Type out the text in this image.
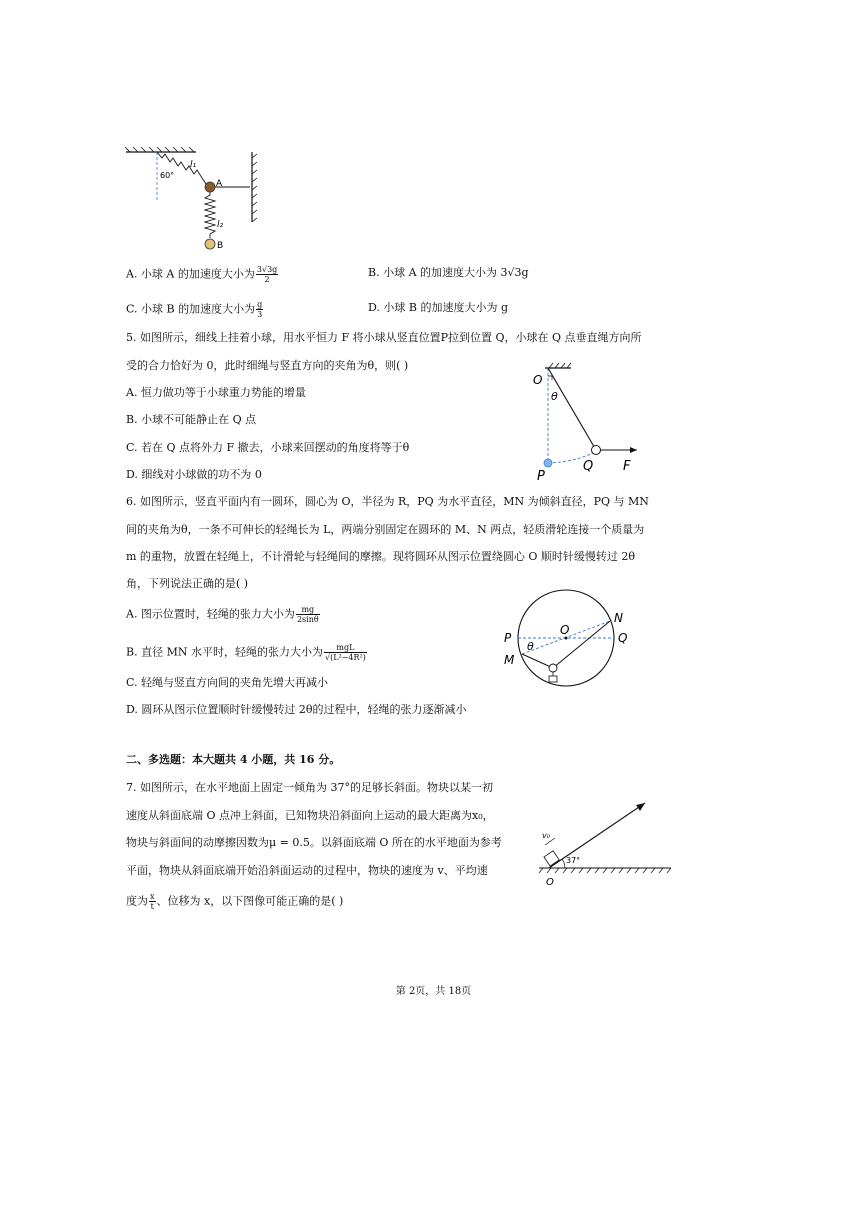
60°
l₁
A
l₂
B
A. 小球 A 的加速度大小为 $\frac{3√3g}{2}$	B. 小球 A 的加速度大小为 3√3g
C. 小球 B 的加速度大小为 $\frac{g}{3}$	D. 小球 B 的加速度大小为 g
5. 如图所示，细线上挂着小球，用水平恒力 F 将小球从竖直位置P拉到位置 Q，小球在 Q 点垂直绳方向所
受的合力恰好为 0，此时细绳与竖直方向的夹角为θ，则( )
A. 恒力做功等于小球重力势能的增量
B. 小球不可能静止在 Q 点
C. 若在 Q 点将外力 F 撤去，小球来回摆动的角度将等于θ
D. 细线对小球做的功不为 0
O
θ
P
Q F
6. 如图所示，竖直平面内有一圆环，圆心为 O，半径为 R，PQ 为水平直径，MN 为倾斜直径，PQ 与 MN
间的夹角为θ，一条不可伸长的轻绳长为 L，两端分别固定在圆环的 M、N 两点，轻质滑轮连接一个质量为
m 的重物，放置在轻绳上，不计滑轮与轻绳间的摩擦。现将圆环从图示位置绕圆心 O 顺时针缓慢转过 2θ
角，下列说法正确的是( )
A. 图示位置时，轻绳的张力大小为 $\frac{mg}{2\sin\theta}$
B. 直径 MN 水平时，轻绳的张力大小为 $\frac{\text{mgL}}{\text{√(L²−4R²)}}$
C. 轻绳与竖直方向间的夹角先增大再减小
D. 圆环从图示位置顺时针缓慢转过 2θ的过程中，轻绳的张力逐渐减小
P	Q
O
N
M
θ
二、多选题：本大题共 4 小题，共 16 分。
7. 如图所示，在水平地面上固定一倾角为 37°的足够长斜面。物块以某一初
速度从斜面底端 O 点冲上斜面，已知物块沿斜面向上运动的最大距离为x₀，
物块与斜面间的动摩擦因数为μ = 0.5。以斜面底端 O 所在的水平地面为参考
平面，物块从斜面底端开始沿斜面运动的过程中，物块的速度为 v、平均速
度为 $\frac{x}{t}$ 、位移为 x，以下图像可能正确的是( )
v₀
37°
O
第 2页，共 18页
